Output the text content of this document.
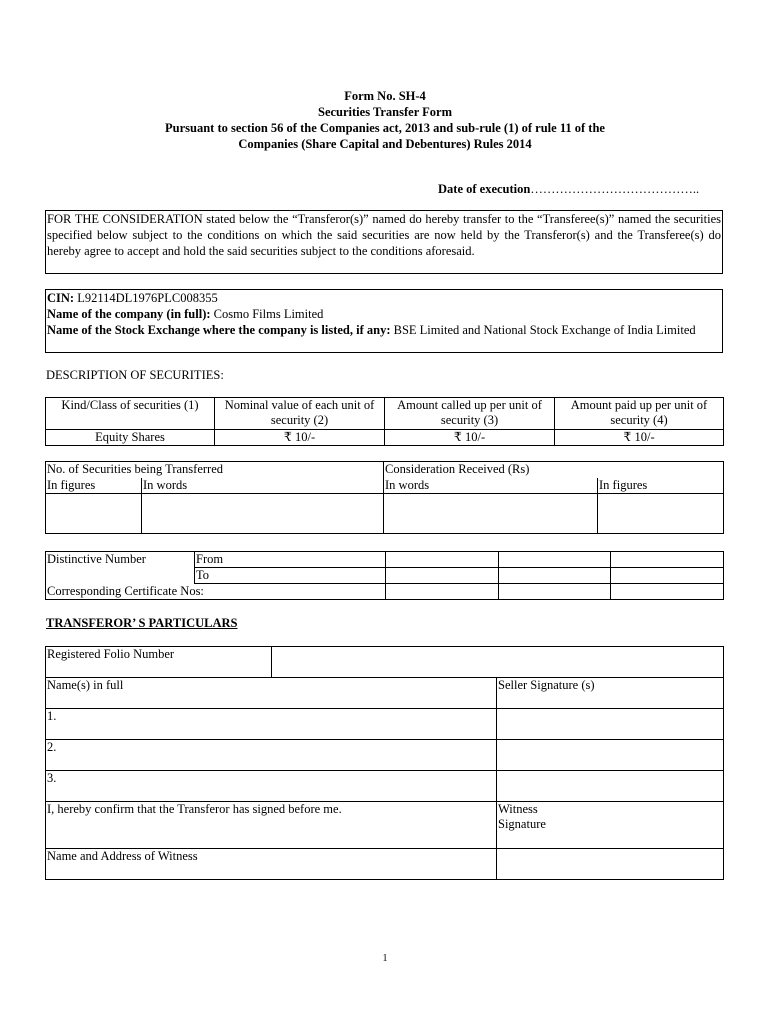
Form No. SH-4
Securities Transfer Form
Pursuant to section 56 of the Companies act, 2013 and sub-rule (1) of rule 11 of the
Companies (Share Capital and Debentures) Rules 2014
Date of execution…………………………………..
FOR THE CONSIDERATION stated below the “Transferor(s)” named do hereby transfer to the “Transferee(s)” named the securities specified below subject to the conditions on which the said securities are now held by the Transferor(s) and the Transferee(s) do hereby agree to accept and hold the said securities subject to the conditions aforesaid.
CIN: L92114DL1976PLC008355
Name of the company (in full): Cosmo Films Limited
Name of the Stock Exchange where the company is listed, if any: BSE Limited and National Stock Exchange of India Limited
DESCRIPTION OF SECURITIES:
Kind/Class of securities (1)	Nominal value of each unit of security (2)	Amount called up per unit of security (3)	Amount paid up per unit of security (4)
Equity Shares	₹ 10/-	₹ 10/-	₹ 10/-
No. of Securities being Transferred		Consideration Received (Rs)	
In figures	In words	In words	In figures

Distinctive Number	From			
	To			
Corresponding Certificate Nos:				
TRANSFEROR’ S PARTICULARS
Registered Folio Number		
Name(s) in full		Seller Signature (s)
1.		
2.		
3.		
I, hereby confirm that the Transferor has signed before me.		Witness
Signature

Name and Address of Witness		
1
